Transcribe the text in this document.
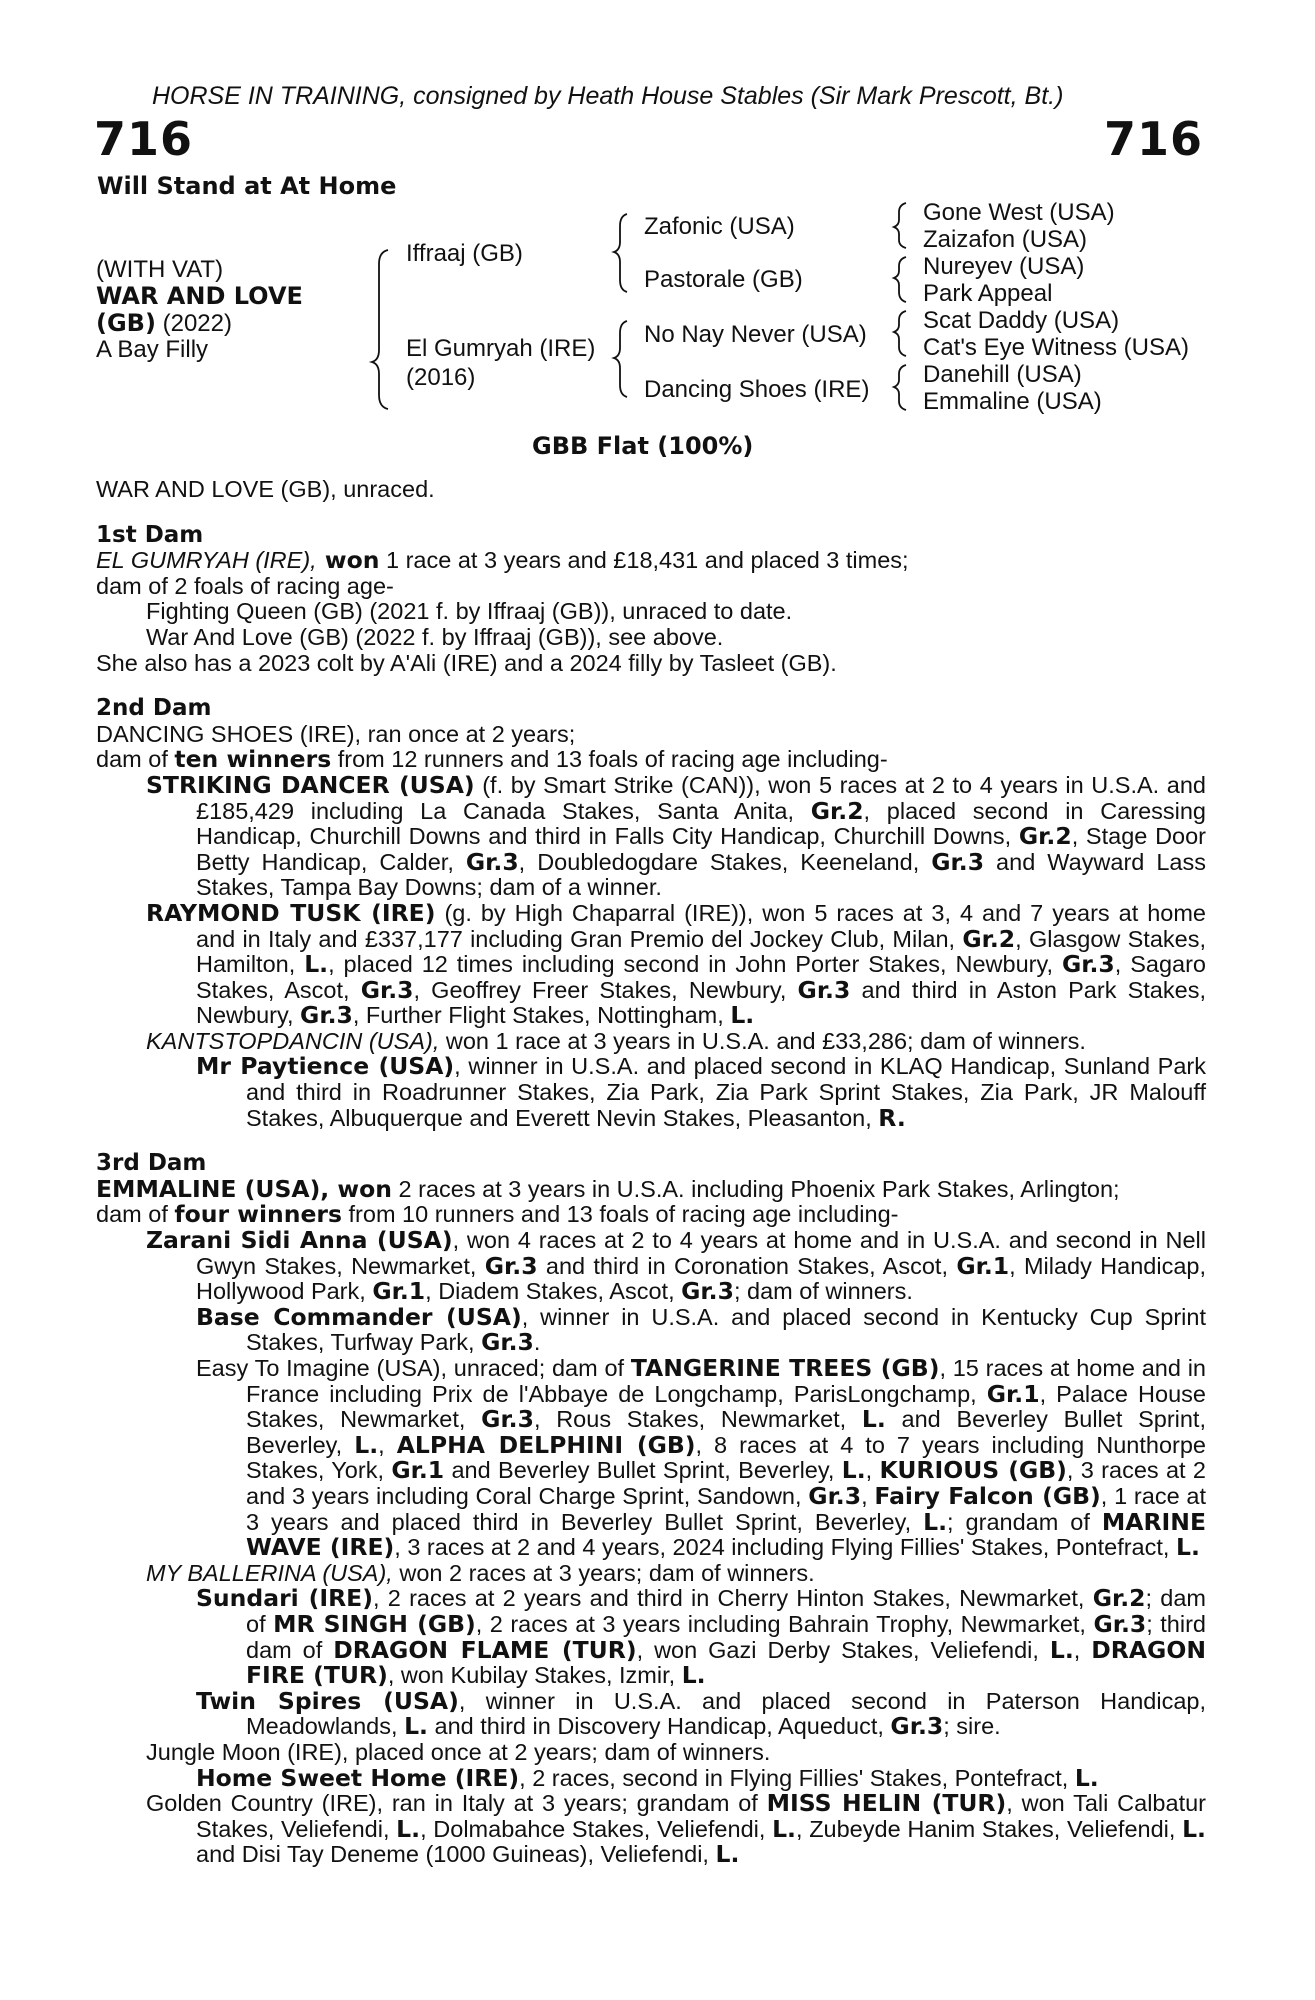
HORSE IN TRAINING, consigned by Heath House Stables (Sir Mark Prescott, Bt.)
716	716
Will Stand at At Home
(WITH VAT)
WAR AND LOVE
(GB) (2022)
A Bay Filly
Iffraaj (GB)
El Gumryah (IRE)
(2016)
Zafonic (USA)
Pastorale (GB)
No Nay Never (USA)
Dancing Shoes (IRE)
Gone West (USA)
Zaizafon (USA)
Nureyev (USA)
Park Appeal
Scat Daddy (USA)
Cat's Eye Witness (USA)
Danehill (USA)
Emmaline (USA)
GBB Flat (100%)

WAR AND LOVE (GB), unraced.

1st Dam

EL GUMRYAH (IRE), won 1 race at 3 years and £18,431 and placed 3 times;

dam of 2 foals of racing age-

Fighting Queen (GB) (2021 f. by Iffraaj (GB)), unraced to date.

War And Love (GB) (2022 f. by Iffraaj (GB)), see above.

She also has a 2023 colt by A'Ali (IRE) and a 2024 filly by Tasleet (GB).

2nd Dam

DANCING SHOES (IRE), ran once at 2 years;

dam of ten winners from 12 runners and 13 foals of racing age including-

STRIKING DANCER (USA) (f. by Smart Strike (CAN)), won 5 races at 2 to 4 years in U.S.A. and £185,429 including La Canada Stakes, Santa Anita, Gr.2, placed second in Caressing Handicap, Churchill Downs and third in Falls City Handicap, Churchill Downs, Gr.2, Stage Door Betty Handicap, Calder, Gr.3, Doubledogdare Stakes, Keeneland, Gr.3 and Wayward Lass Stakes, Tampa Bay Downs; dam of a winner.

RAYMOND TUSK (IRE) (g. by High Chaparral (IRE)), won 5 races at 3, 4 and 7 years at home and in Italy and £337,177 including Gran Premio del Jockey Club, Milan, Gr.2, Glasgow Stakes, Hamilton, L., placed 12 times including second in John Porter Stakes, Newbury, Gr.3, Sagaro Stakes, Ascot, Gr.3, Geoffrey Freer Stakes, Newbury, Gr.3 and third in Aston Park Stakes, Newbury, Gr.3, Further Flight Stakes, Nottingham, L.

KANTSTOPDANCIN (USA), won 1 race at 3 years in U.S.A. and £33,286; dam of winners.

Mr Paytience (USA), winner in U.S.A. and placed second in KLAQ Handicap, Sunland Park and third in Roadrunner Stakes, Zia Park, Zia Park Sprint Stakes, Zia Park, JR Malouff Stakes, Albuquerque and Everett Nevin Stakes, Pleasanton, R.

3rd Dam

EMMALINE (USA), won 2 races at 3 years in U.S.A. including Phoenix Park Stakes, Arlington;

dam of four winners from 10 runners and 13 foals of racing age including-

Zarani Sidi Anna (USA), won 4 races at 2 to 4 years at home and in U.S.A. and second in Nell Gwyn Stakes, Newmarket, Gr.3 and third in Coronation Stakes, Ascot, Gr.1, Milady Handicap, Hollywood Park, Gr.1, Diadem Stakes, Ascot, Gr.3; dam of winners.

Base Commander (USA), winner in U.S.A. and placed second in Kentucky Cup Sprint Stakes, Turfway Park, Gr.3.

Easy To Imagine (USA), unraced; dam of TANGERINE TREES (GB), 15 races at home and in France including Prix de l'Abbaye de Longchamp, ParisLongchamp, Gr.1, Palace House Stakes, Newmarket, Gr.3, Rous Stakes, Newmarket, L. and Beverley Bullet Sprint, Beverley, L., ALPHA DELPHINI (GB), 8 races at 4 to 7 years including Nunthorpe Stakes, York, Gr.1 and Beverley Bullet Sprint, Beverley, L., KURIOUS (GB), 3 races at 2 and 3 years including Coral Charge Sprint, Sandown, Gr.3, Fairy Falcon (GB), 1 race at 3 years and placed third in Beverley Bullet Sprint, Beverley, L.; grandam of MARINE WAVE (IRE), 3 races at 2 and 4 years, 2024 including Flying Fillies' Stakes, Pontefract, L.

MY BALLERINA (USA), won 2 races at 3 years; dam of winners.

Sundari (IRE), 2 races at 2 years and third in Cherry Hinton Stakes, Newmarket, Gr.2; dam of MR SINGH (GB), 2 races at 3 years including Bahrain Trophy, Newmarket, Gr.3; third dam of DRAGON FLAME (TUR), won Gazi Derby Stakes, Veliefendi, L., DRAGON FIRE (TUR), won Kubilay Stakes, Izmir, L.

Twin Spires (USA), winner in U.S.A. and placed second in Paterson Handicap, Meadowlands, L. and third in Discovery Handicap, Aqueduct, Gr.3; sire.

Jungle Moon (IRE), placed once at 2 years; dam of winners.

Home Sweet Home (IRE), 2 races, second in Flying Fillies' Stakes, Pontefract, L.

Golden Country (IRE), ran in Italy at 3 years; grandam of MISS HELIN (TUR), won Tali Calbatur Stakes, Veliefendi, L., Dolmabahce Stakes, Veliefendi, L., Zubeyde Hanim Stakes, Veliefendi, L. and Disi Tay Deneme (1000 Guineas), Veliefendi, L.
